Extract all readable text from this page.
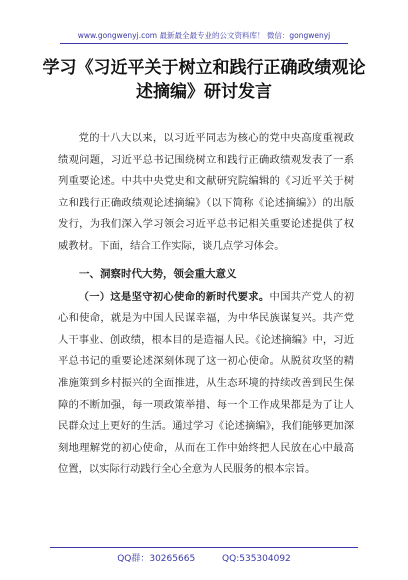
www.gongwenyj.com 最新最全最专业的公文资料库！ 微信：gongwenyj
学习《习近平关于树立和践行正确政绩观论述摘编》研讨发言

党的十八大以来，以习近平同志为核心的党中央高度重视政绩观问题，习近平总书记围绕树立和践行正确政绩观发表了一系列重要论述。中共中央党史和文献研究院编辑的《习近平关于树立和践行正确政绩观论述摘编》（以下简称《论述摘编》）的出版发行，为我们深入学习领会习近平总书记相关重要论述提供了权威教材。下面，结合工作实际，谈几点学习体会。

一、洞察时代大势，领会重大意义

（一）这是坚守初心使命的新时代要求。中国共产党人的初心和使命，就是为中国人民谋幸福，为中华民族谋复兴。共产党人干事业、创政绩，根本目的是造福人民。《论述摘编》中，习近平总书记的重要论述深刻体现了这一初心使命。从脱贫攻坚的精准施策到乡村振兴的全面推进，从生态环境的持续改善到民生保障的不断加强，每一项政策举措、每一个工作成果都是为了让人民群众过上更好的生活。通过学习《论述摘编》，我们能够更加深刻地理解党的初心使命，从而在工作中始终把人民放在心中最高位置，以实际行动践行全心全意为人民服务的根本宗旨。

QQ群：30265665	QQ:535304092
